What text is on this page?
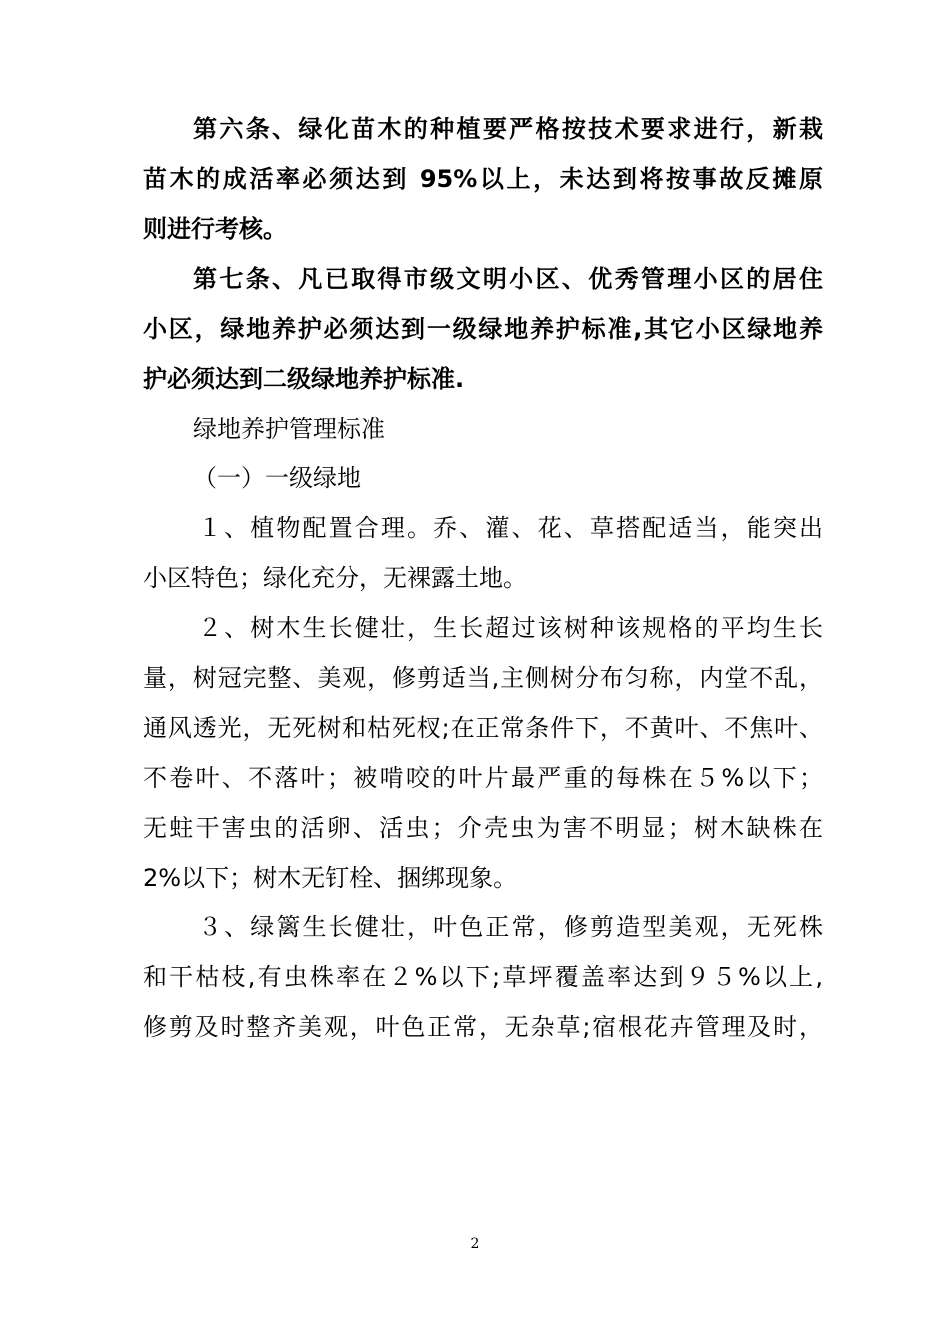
第六条、绿化苗木的种植要严格按技术要求进行，新栽
苗木的成活率必须达到 95%以上，未达到将按事故反摊原
则进行考核。
第七条、凡已取得市级文明小区、优秀管理小区的居住
小区，绿地养护必须达到一级绿地养护标准,其它小区绿地养
护必须达到二级绿地养护标准.
绿地养护管理标准
（一）一级绿地
１、植物配置合理。乔、灌、花、草搭配适当，能突出
小区特色；绿化充分，无裸露土地。
２、树木生长健壮，生长超过该树种该规格的平均生长
量，树冠完整、美观，修剪适当,主侧树分布匀称，内堂不乱，
通风透光，无死树和枯死杈;在正常条件下，不黄叶、不焦叶、
不卷叶、不落叶；被啃咬的叶片最严重的每株在５%以下；
无蛀干害虫的活卵、活虫；介壳虫为害不明显；树木缺株在
2%以下；树木无钉栓、捆绑现象。
３、绿篱生长健壮，叶色正常，修剪造型美观，无死株
和干枯枝,有虫株率在２%以下;草坪覆盖率达到９５%以上,
修剪及时整齐美观，叶色正常，无杂草;宿根花卉管理及时，
2
